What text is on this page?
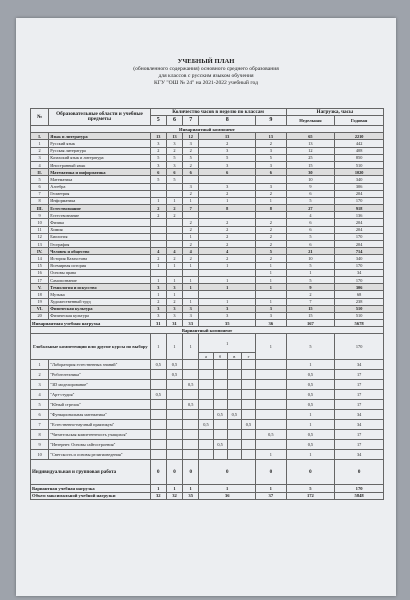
УЧЕБНЫЙ ПЛАН
(обновленного содержания) основного среднего образования
для классов с русским языком обучения
КГУ "ОШ № 24" на 2021-2022 учебный год
№	Образовательные области и учебные предметы	Количество часов в неделю по классам								Нагрузка, часы	
		5	6	7	8				9	Недельная	Годовая
Инвариантный компонент											
I.	Язык и литература	13	13	12	13				13	65	2210
1	Русский язык	3	3	3	2				2	13	442
2	Русская литература	2	2	2	3				3	12	408
3	Казахский язык и литература	5	5	5	5				5	25	850
4	Иностранный язык	3	3	2	3				3	15	510
II.	Математика и информатика	6	6	6	6				6	30	1020
5	Математика	5	5							10	340
6	Алгебра			3	3				3	9	306
7	Геометрия			2	2				2	6	204
8	Информатика	1	1	1	1				1	5	170
III.	Естествознание	2	2	7	8				8	27	918
9	Естествознание	2	2							4	136
10	Физика			2	2				2	6	204
11	Химия			2	2				2	6	204
12	Биология			1	2				2	5	170
13	География			2	2				2	6	204
IV.	Человек и общество	4	4	4	4				5	21	714
14	История Казахстана	2	2	2	2				2	10	340
15	Всемирная история	1	1	1	1				1	5	170
16	Основы права								1	1	34
17	Самопознание	1	1	1	1				1	5	170
V.	Технология и искусство	3	3	1	1				1	9	306
18	Музыка	1	1							2	68
19	Художественный труд	2	2	1	1				1	7	238
VI.	Физическая культура	3	3	3	3				3	15	510
20	Физическая культура	3	3	3	3				3	15	510
Инвариантная учебная нагрузка		31	31	33	35				36	167	5678
Вариантный компонент											
Глобальные компетенции или другие курсы по выбору		1	1	1	1				1	5	170
					а	б	в	г			
1	"Лаборатория естественных знаний"	0,5	0,5							1	34
2	"Робототехника"		0,5							0,5	17
3	"3D моделирование"			0,5						0,5	17
4	"Арт-студия"	0,5								0,5	17
5	"Юный стрелок"			0,5						0,5	17
6	"Функциональная математика"					0,5	0,5			1	34
7	"Естественно-научный практикум"				0,5			0,5		1	34
8	"Читательская компетентность учащихся"								0,5	0,5	17
9	"Интернет. Основы сайтостроения"					0,5				0,5	17
10	"Светскость и основы религиоведения"								1	1	34
Индивидуальная и групповая работа		0	0	0	0				0	0	0
Вариантная учебная нагрузка		1	1	1	1				1	5	170
Объем максимальной учебной нагрузки		32	32	35	36				37	172	5848
